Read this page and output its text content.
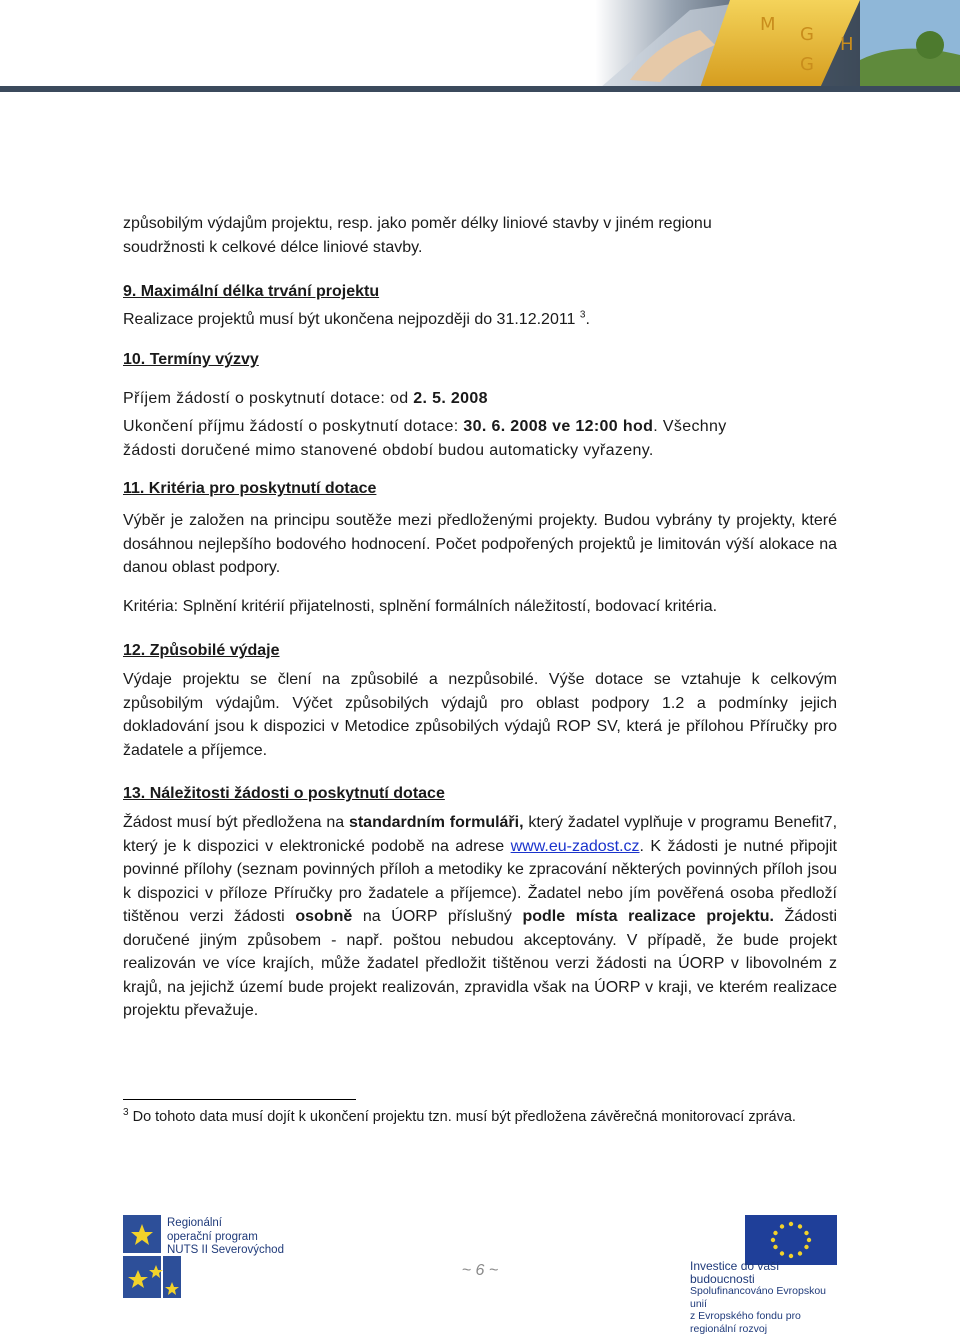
M G H
G
způsobilým výdajům projektu, resp. jako poměr délky liniové stavby v jiném regionu
soudržnosti k celkové délce liniové stavby.
9. Maximální délka trvání projektu
Realizace projektů musí být ukončena nejpozději do 31.12.2011 $^3$.
10. Termíny výzvy
Příjem žádostí o poskytnutí dotace: od 2. 5. 2008
Ukončení příjmu žádostí o poskytnutí dotace: 30. 6. 2008 ve 12:00 hod. Všechny
žádosti doručené mimo stanovené období budou automaticky vyřazeny.
11. Kritéria pro poskytnutí dotace
Výběr je založen na principu soutěže mezi předloženými projekty. Budou vybrány ty projekty, které dosáhnou nejlepšího bodového hodnocení. Počet podpořených projektů je limitován výší alokace na danou oblast podpory.
Kritéria: Splnění kritérií přijatelnosti, splnění formálních náležitostí, bodovací kritéria.
12. Způsobilé výdaje
Výdaje projektu se člení na způsobilé a nezpůsobilé. Výše dotace se vztahuje k celkovým způsobilým výdajům. Výčet způsobilých výdajů pro oblast podpory 1.2 a podmínky jejich dokladování jsou k dispozici v Metodice způsobilých výdajů ROP SV, která je přílohou Příručky pro žadatele a příjemce.
13. Náležitosti žádosti o poskytnutí dotace
Žádost musí být předložena na standardním formuláři, který žadatel vyplňuje v programu Benefit7, který je k dispozici v elektronické podobě na adrese www.eu-zadost.cz. K žádosti je nutné připojit povinné přílohy (seznam povinných příloh a metodiky ke zpracování některých povinných příloh jsou k dispozici v příloze Příručky pro žadatele a příjemce). Žadatel nebo jím pověřená osoba předloží tištěnou verzi žádosti osobně na ÚORP příslušný podle místa realizace projektu. Žádosti doručené jiným způsobem - např. poštou nebudou akceptovány. V případě, že bude projekt realizován ve více krajích, může žadatel předložit tištěnou verzi žádosti na ÚORP v libovolném z krajů, na jejichž území bude projekt realizován, zpravidla však na ÚORP v kraji, ve kterém realizace projektu převažuje.
$^3$ Do tohoto data musí dojít k ukončení projektu tzn. musí být předložena závěrečná monitorovací zpráva.
Regionální
operační program
NUTS II Severovýchod
~ 6 ~	Investice do vaší budoucnosti
Spolufinancováno Evropskou unií
z Evropského fondu pro regionální rozvoj
